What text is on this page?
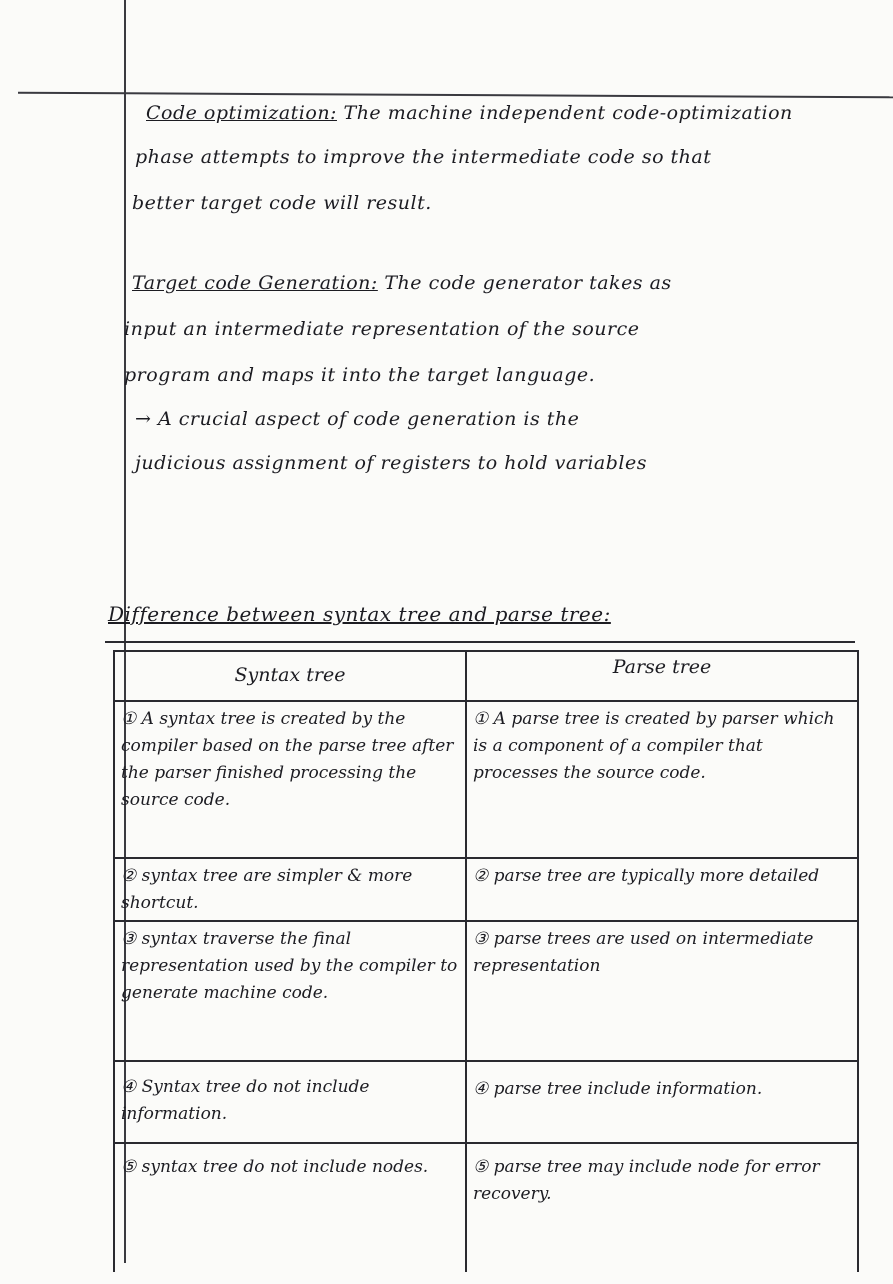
Code optimization: The machine independent code-optimization
phase attempts to improve the intermediate code so that
better target code will result.
Target code Generation: The code generator takes as
input an intermediate representation of the source
program and maps it into the target language.
→ A crucial aspect of code generation is the
judicious assignment of registers to hold variables
Difference between syntax tree and parse tree:
Syntax tree	Parse tree
① A syntax tree is created by the compiler based on the parse tree after the parser finished processing the source code.
① A parse tree is created by parser which is a component of a compiler that processes the source code.
② syntax tree are simpler & more shortcut.
② parse tree are typically more detailed
③ syntax traverse the final representation used by the compiler to generate machine code.
③ parse trees are used on intermediate representation
④ Syntax tree do not include information.
④ parse tree include information.
⑤ syntax tree do not include nodes.	⑤ parse tree may include node for error recovery.
